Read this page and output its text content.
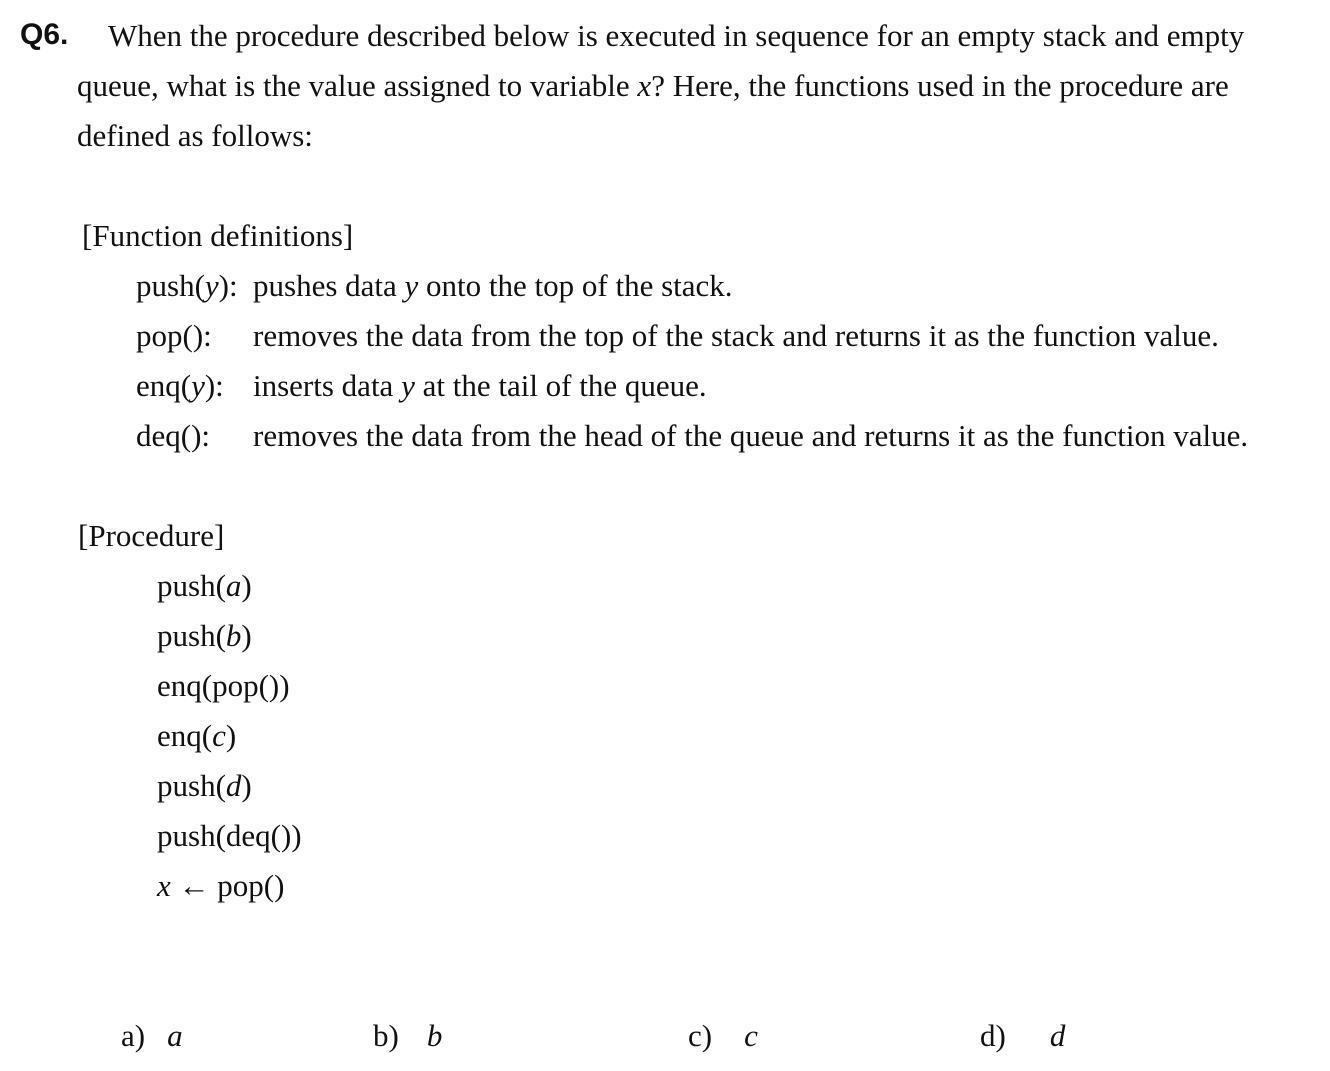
Q6. When the procedure described below is executed in sequence for an empty stack and empty
queue, what is the value assigned to variable x? Here, the functions used in the procedure are
defined as follows:
[Function definitions]
push(y): pushes data y onto the top of the stack.
pop(): removes the data from the top of the stack and returns it as the function value.
enq(y): inserts data y at the tail of the queue.
deq(): removes the data from the head of the queue and returns it as the function value.
[Procedure]
push(a)
push(b)
enq(pop())
enq(c)
push(d)
push(deq())
x ← pop()
a) a	b) b	c) c	d) d
